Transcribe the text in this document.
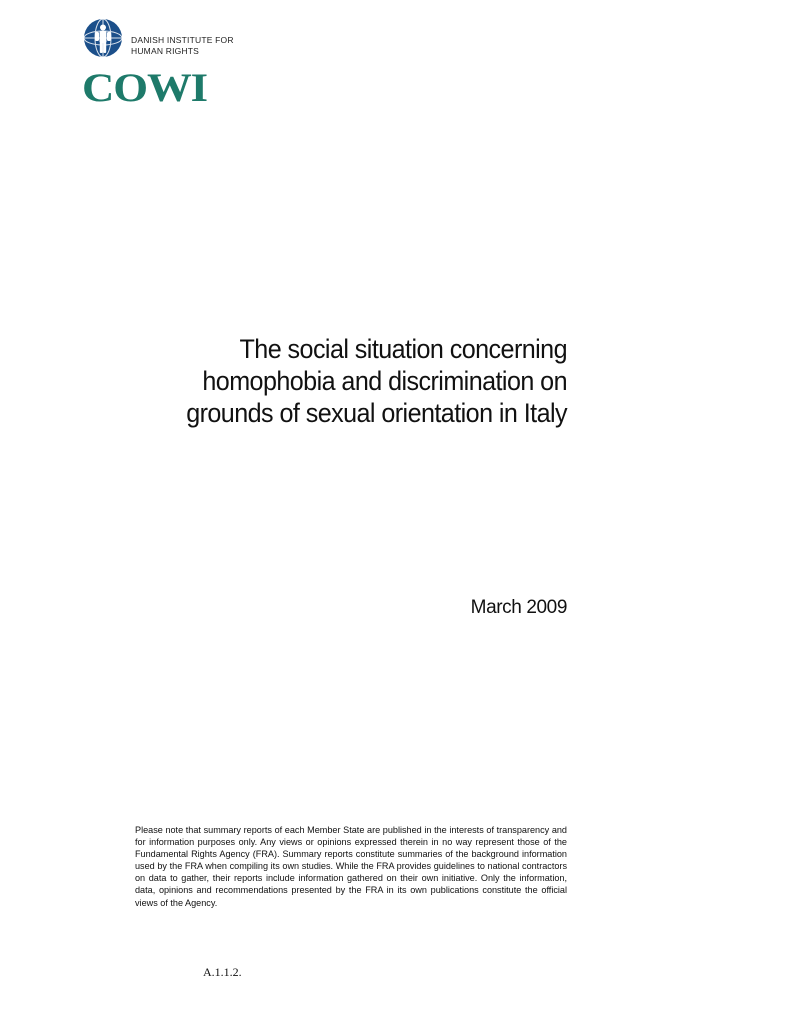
DANISH INSTITUTE FOR
HUMAN RIGHTS
COWI
The social situation concerning
homophobia and discrimination on
grounds of sexual orientation in Italy
March 2009
Please note that summary reports of each Member State are published in the interests of transparency and for information purposes only. Any views or opinions expressed therein in no way represent those of the Fundamental Rights Agency (FRA). Summary reports constitute summaries of the background information used by the FRA when compiling its own studies. While the FRA provides guidelines to national contractors on data to gather, their reports include information gathered on their own initiative. Only the information, data, opinions and recommendations presented by the FRA in its own publications constitute the official views of the Agency.
A.1.1.2.
